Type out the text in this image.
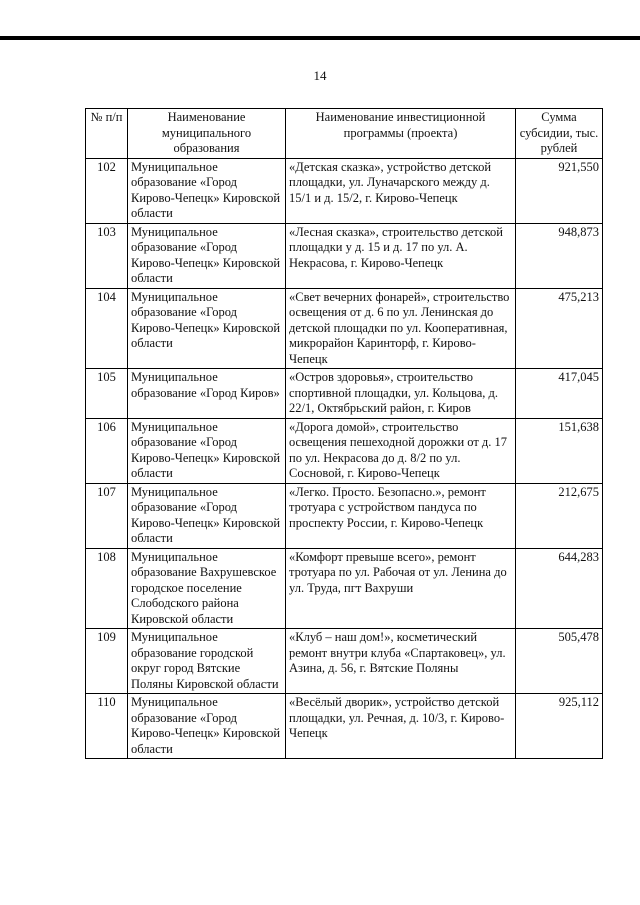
14
№ п/п	Наименование муниципального образования	Наименование инвестиционной программы (проекта)	Сумма субсидии, тыс. рублей
102	Муниципальное образование «Город Кирово-Чепецк» Кировской области	«Детская сказка», устройство детской площадки, ул. Луначарского между д. 15/1 и д. 15/2, г. Кирово-Чепецк	921,550
103	Муниципальное образование «Город Кирово-Чепецк» Кировской области	«Лесная сказка», строительство детской площадки у д. 15 и д. 17 по ул. А. Некрасова, г. Кирово-Чепецк	948,873
104	Муниципальное образование «Город Кирово-Чепецк» Кировской области	«Свет вечерних фонарей», строительство освещения от д. 6 по ул. Ленинская до детской площадки по ул. Кооперативная, микрорайон Каринторф, г. Кирово-Чепецк	475,213
105	Муниципальное образование «Город Киров»	«Остров здоровья», строительство спортивной площадки, ул. Кольцова, д. 22/1, Октябрьский район, г. Киров	417,045
106	Муниципальное образование «Город Кирово-Чепецк» Кировской области	«Дорога домой», строительство освещения пешеходной дорожки от д. 17 по ул. Некрасова до д. 8/2 по ул. Сосновой, г. Кирово-Чепецк	151,638
107	Муниципальное образование «Город Кирово-Чепецк» Кировской области	«Легко. Просто. Безопасно.», ремонт тротуара с устройством пандуса по проспекту России, г. Кирово-Чепецк	212,675
108	Муниципальное образование Вахрушевское городское поселение Слободского района Кировской области	«Комфорт превыше всего», ремонт тротуара по ул. Рабочая от ул. Ленина до ул. Труда, пгт Вахруши	644,283
109	Муниципальное образование городской округ город Вятские Поляны Кировской области	«Клуб – наш дом!», косметический ремонт внутри клуба «Спартаковец», ул. Азина, д. 56, г. Вятские Поляны	505,478
110	Муниципальное образование «Город Кирово-Чепецк» Кировской области	«Весёлый дворик», устройство детской площадки, ул. Речная, д. 10/3, г. Кирово-Чепецк	925,112
